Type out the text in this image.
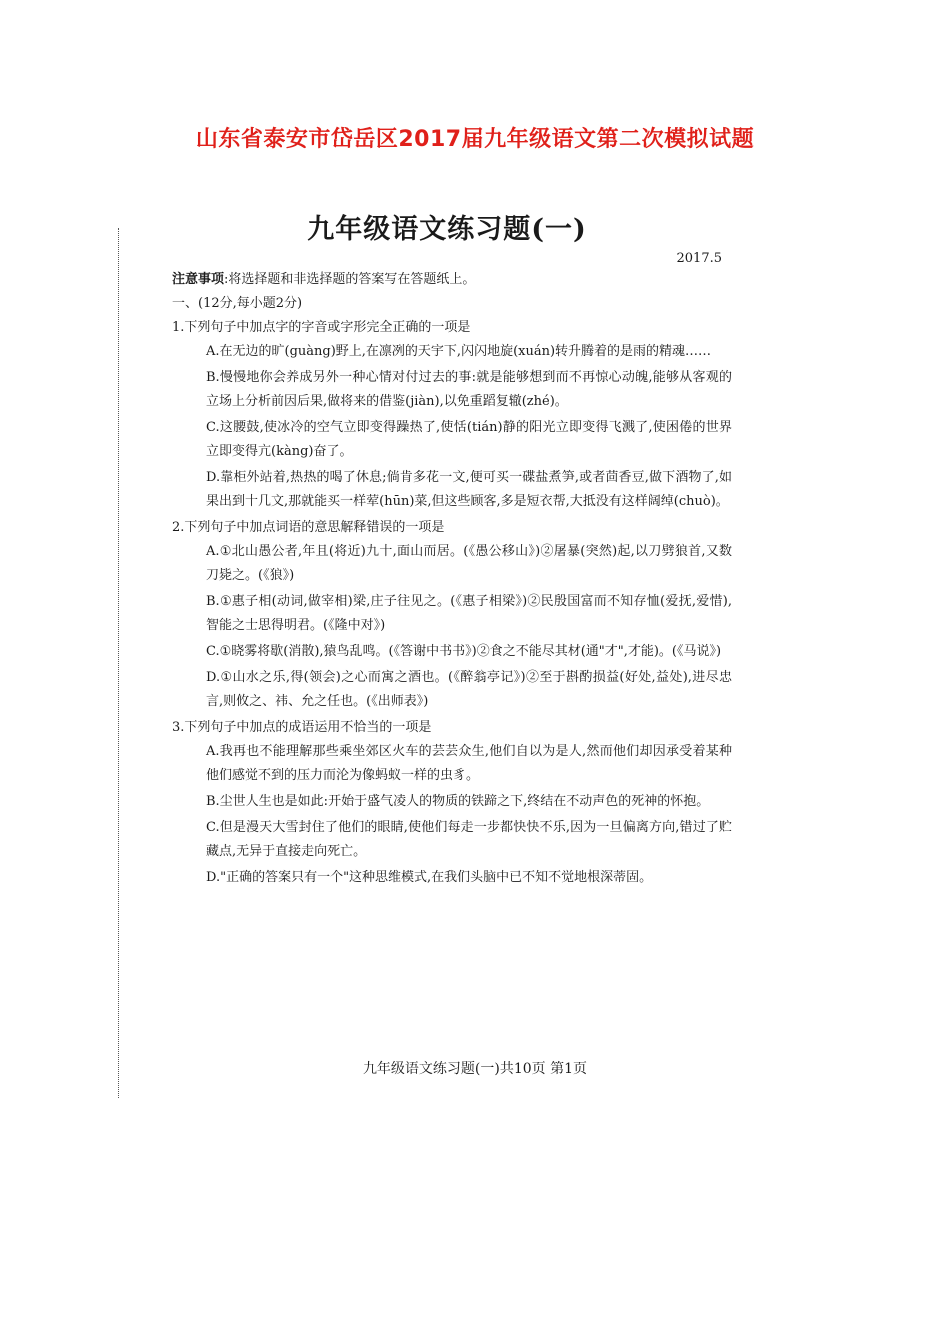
山东省泰安市岱岳区2017届九年级语文第二次模拟试题
九年级语文练习题(一)
2017.5

注意事项:将选择题和非选择题的答案写在答题纸上。

一、(12分,每小题2分)

1.下列句子中加点字的字音或字形完全正确的一项是

A.在无边的旷(guàng)野上,在凛冽的天宇下,闪闪地旋(xuán)转升腾着的是雨的精魂……

B.慢慢地你会养成另外一种心情对付过去的事:就是能够想到而不再惊心动魄,能够从客观的立场上分析前因后果,做将来的借鉴(jiàn),以免重蹈复辙(zhé)。

C.这腰鼓,使冰冷的空气立即变得躁热了,使恬(tián)静的阳光立即变得飞溅了,使困倦的世界立即变得亢(kàng)奋了。

D.靠柜外站着,热热的喝了休息;倘肯多花一文,便可买一碟盐煮笋,或者茴香豆,做下酒物了,如果出到十几文,那就能买一样荤(hūn)菜,但这些顾客,多是短衣帮,大抵没有这样阔绰(chuò)。

2.下列句子中加点词语的意思解释错误的一项是

A.①北山愚公者,年且(将近)九十,面山而居。(《愚公移山》)②屠暴(突然)起,以刀劈狼首,又数刀毙之。(《狼》)

B.①惠子相(动词,做宰相)梁,庄子往见之。(《惠子相梁》)②民殷国富而不知存恤(爱抚,爱惜),智能之士思得明君。(《隆中对》)

C.①晓雾将歇(消散),猿鸟乱鸣。(《答谢中书书》)②食之不能尽其材(通"才",才能)。(《马说》)

D.①山水之乐,得(领会)之心而寓之酒也。(《醉翁亭记》)②至于斟酌损益(好处,益处),进尽忠言,则攸之、祎、允之任也。(《出师表》)

3.下列句子中加点的成语运用不恰当的一项是

A.我再也不能理解那些乘坐郊区火车的芸芸众生,他们自以为是人,然而他们却因承受着某种他们感觉不到的压力而沦为像蚂蚁一样的虫豸。

B.尘世人生也是如此:开始于盛气凌人的物质的铁蹄之下,终结在不动声色的死神的怀抱。

C.但是漫天大雪封住了他们的眼睛,使他们每走一步都快快不乐,因为一旦偏离方向,错过了贮藏点,无异于直接走向死亡。

D."正确的答案只有一个"这种思维模式,在我们头脑中已不知不觉地根深蒂固。

九年级语文练习题(一)共10页 第1页
